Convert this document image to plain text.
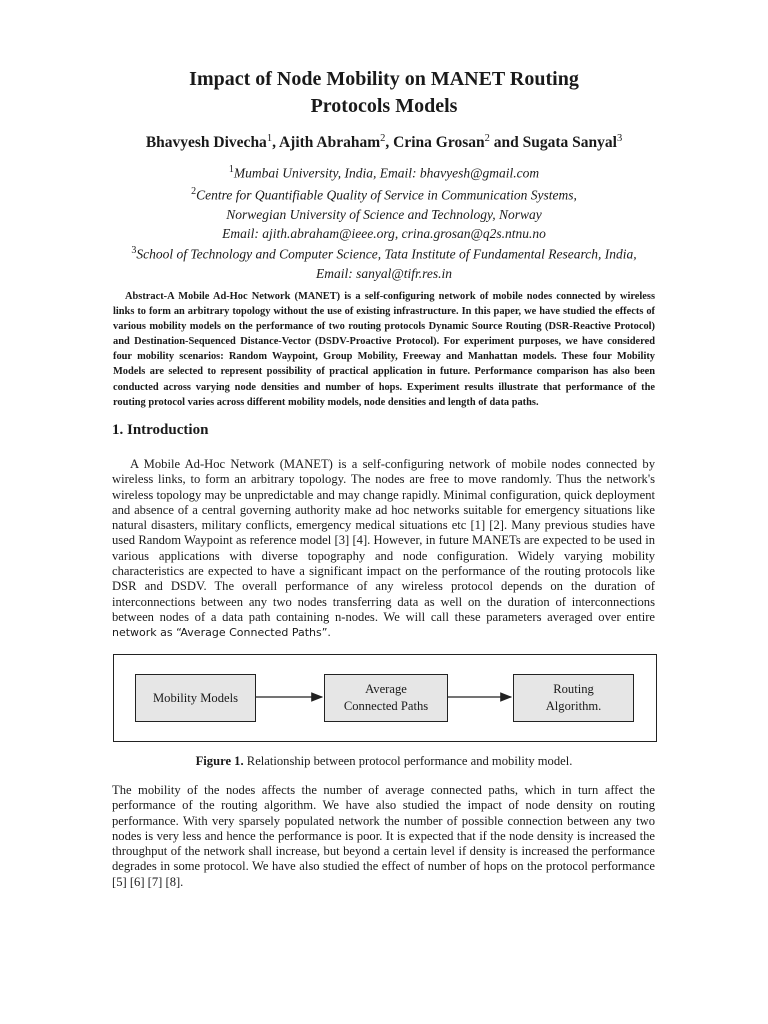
Impact of Node Mobility on MANET Routing
Protocols Models
Bhavyesh Divecha$^1$, Ajith Abraham$^2$, Crina Grosan$^2$ and Sugata Sanyal$^3$
$^1$Mumbai University, India, Email: bhavyesh@gmail.com
$^2$Centre for Quantifiable Quality of Service in Communication Systems,
Norwegian University of Science and Technology, Norway
Email: ajith.abraham@ieee.org, crina.grosan@q2s.ntnu.no
$^3$School of Technology and Computer Science, Tata Institute of Fundamental Research, India,
Email: sanyal@tifr.res.in
Abstract-A Mobile Ad-Hoc Network (MANET) is a self-configuring network of mobile nodes connected by wireless links to form an arbitrary topology without the use of existing infrastructure. In this paper, we have studied the effects of various mobility models on the performance of two routing protocols Dynamic Source Routing (DSR-Reactive Protocol) and Destination-Sequenced Distance-Vector (DSDV-Proactive Protocol). For experiment purposes, we have considered four mobility scenarios: Random Waypoint, Group Mobility, Freeway and Manhattan models. These four Mobility Models are selected to represent possibility of practical application in future. Performance comparison has also been conducted across varying node densities and number of hops. Experiment results illustrate that performance of the routing protocol varies across different mobility models, node densities and length of data paths.
1. Introduction
A Mobile Ad-Hoc Network (MANET) is a self-configuring network of mobile nodes connected by wireless links, to form an arbitrary topology. The nodes are free to move randomly. Thus the network's wireless topology may be unpredictable and may change rapidly. Minimal configuration, quick deployment and absence of a central governing authority make ad hoc networks suitable for emergency situations like natural disasters, military conflicts, emergency medical situations etc [1] [2]. Many previous studies have used Random Waypoint as reference model [3] [4]. However, in future MANETs are expected to be used in various applications with diverse topography and node configuration. Widely varying mobility characteristics are expected to have a significant impact on the performance of the routing protocols like DSR and DSDV. The overall performance of any wireless protocol depends on the duration of interconnections between any two nodes transferring data as well on the duration of interconnections between nodes of a data path containing n-nodes. We will call these parameters averaged over entire network as “Average Connected Paths”.
Mobility Models
Average
Connected Paths
Routing
Algorithm.
Figure 1. Relationship between protocol performance and mobility model.
The mobility of the nodes affects the number of average connected paths, which in turn affect the performance of the routing algorithm. We have also studied the impact of node density on routing performance. With very sparsely populated network the number of possible connection between any two nodes is very less and hence the performance is poor. It is expected that if the node density is increased the throughput of the network shall increase, but beyond a certain level if density is increased the performance degrades in some protocol. We have also studied the effect of number of hops on the protocol performance [5] [6] [7] [8].
